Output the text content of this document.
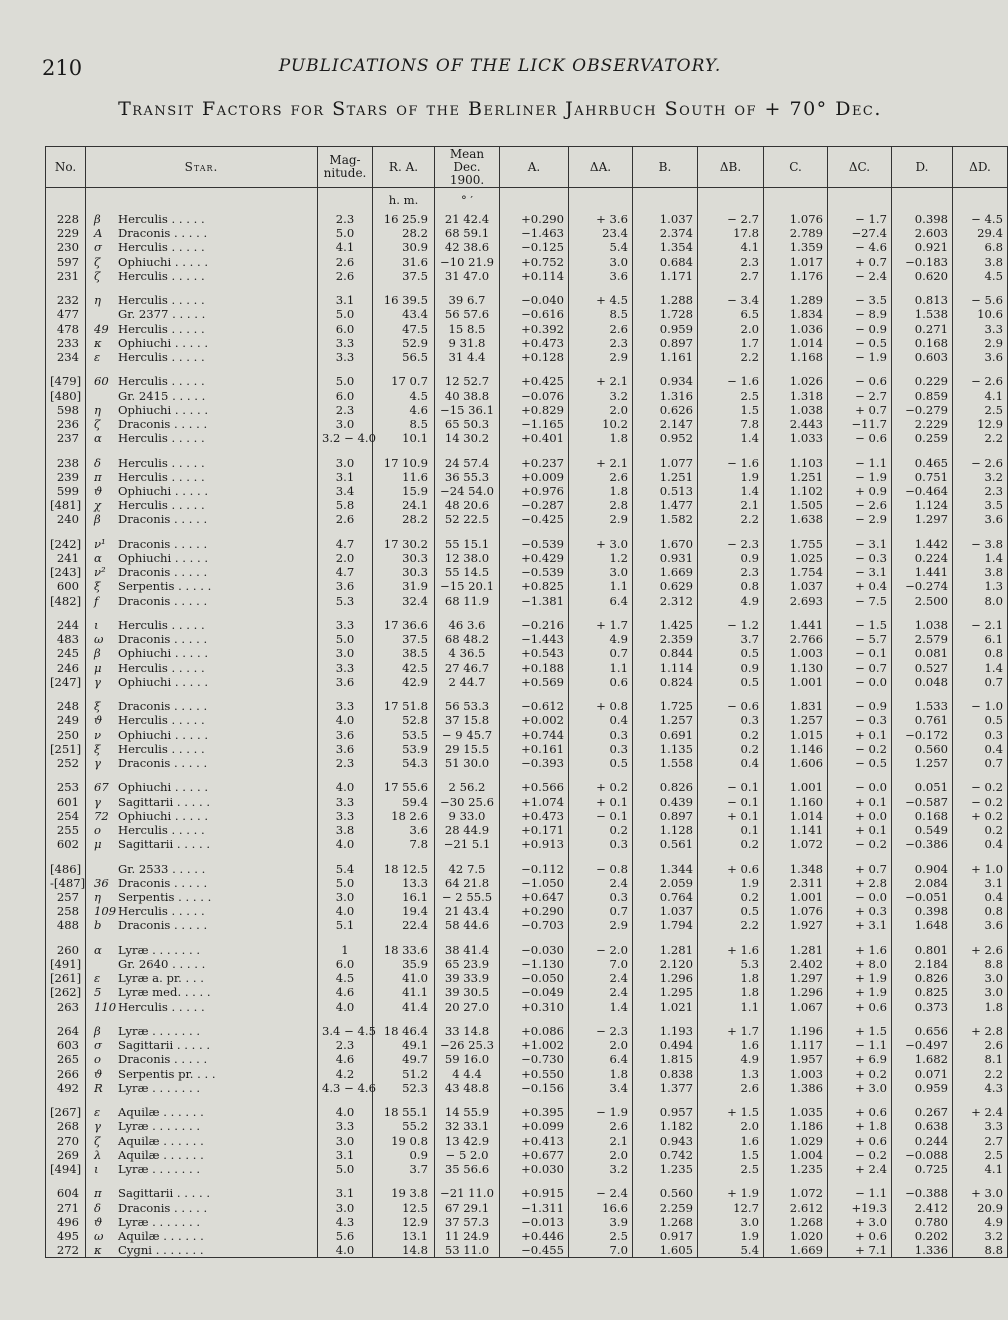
210	PUBLICATIONS OF THE LICK OBSERVATORY.
Transit Factors for Stars of the Berliner Jahrbuch South of + 70° Dec.
No.	Star.	Mag-
nitude.	R. A.	Mean Dec.
1900.	A.	ΔA.	B.	ΔB.	C.	ΔC.	D.	ΔD.
			h. m.	° ′								
228	β Herculis . . . . .	2.3	16 25.9	21 42.4	+0.290	+ 3.6	1.037	− 2.7	1.076	− 1.7	0.398	− 4.5
229	A Draconis . . . . .	5.0	28.2	68 59.1	−1.463	23.4	2.374	17.8	2.789	−27.4	2.603	29.4
230	σ Herculis . . . . .	4.1	30.9	42 38.6	−0.125	5.4	1.354	4.1	1.359	− 4.6	0.921	6.8
597	ζ Ophiuchi . . . . .	2.6	31.6	−10 21.9	+0.752	3.0	0.684	2.3	1.017	+ 0.7	−0.183	3.8
231	ζ Herculis . . . . .	2.6	37.5	31 47.0	+0.114	3.6	1.171	2.7	1.176	− 2.4	0.620	4.5

232	η Herculis . . . . .	3.1	16 39.5	39 6.7	−0.040	+ 4.5	1.288	− 3.4	1.289	− 3.5	0.813	− 5.6
477	Gr. 2377 . . . . .	5.0	43.4	56 57.6	−0.616	8.5	1.728	6.5	1.834	− 8.9	1.538	10.6
478	49 Herculis . . . . .	6.0	47.5	15 8.5	+0.392	2.6	0.959	2.0	1.036	− 0.9	0.271	3.3
233	κ Ophiuchi . . . . .	3.3	52.9	9 31.8	+0.473	2.3	0.897	1.7	1.014	− 0.5	0.168	2.9
234	ε Herculis . . . . .	3.3	56.5	31 4.4	+0.128	2.9	1.161	2.2	1.168	− 1.9	0.603	3.6

[479]	60 Herculis . . . . .	5.0	17 0.7	12 52.7	+0.425	+ 2.1	0.934	− 1.6	1.026	− 0.6	0.229	− 2.6
[480]	Gr. 2415 . . . . .	6.0	4.5	40 38.8	−0.076	3.2	1.316	2.5	1.318	− 2.7	0.859	4.1
598	η Ophiuchi . . . . .	2.3	4.6	−15 36.1	+0.829	2.0	0.626	1.5	1.038	+ 0.7	−0.279	2.5
236	ζ Draconis . . . . .	3.0	8.5	65 50.3	−1.165	10.2	2.147	7.8	2.443	−11.7	2.229	12.9
237	α Herculis . . . . .	3.2 − 4.0	10.1	14 30.2	+0.401	1.8	0.952	1.4	1.033	− 0.6	0.259	2.2

238	δ Herculis . . . . .	3.0	17 10.9	24 57.4	+0.237	+ 2.1	1.077	− 1.6	1.103	− 1.1	0.465	− 2.6
239	π Herculis . . . . .	3.1	11.6	36 55.3	+0.009	2.6	1.251	1.9	1.251	− 1.9	0.751	3.2
599	ϑ Ophiuchi . . . . .	3.4	15.9	−24 54.0	+0.976	1.8	0.513	1.4	1.102	+ 0.9	−0.464	2.3
[481]	χ Herculis . . . . .	5.8	24.1	48 20.6	−0.287	2.8	1.477	2.1	1.505	− 2.6	1.124	3.5
240	β Draconis . . . . .	2.6	28.2	52 22.5	−0.425	2.9	1.582	2.2	1.638	− 2.9	1.297	3.6

[242]	ν¹ Draconis . . . . .	4.7	17 30.2	55 15.1	−0.539	+ 3.0	1.670	− 2.3	1.755	− 3.1	1.442	− 3.8
241	α Ophiuchi . . . . .	2.0	30.3	12 38.0	+0.429	1.2	0.931	0.9	1.025	− 0.3	0.224	1.4
[243]	ν² Draconis . . . . .	4.7	30.3	55 14.5	−0.539	3.0	1.669	2.3	1.754	− 3.1	1.441	3.8
600	ξ Serpentis . . . . .	3.6	31.9	−15 20.1	+0.825	1.1	0.629	0.8	1.037	+ 0.4	−0.274	1.3
[482]	f Draconis . . . . .	5.3	32.4	68 11.9	−1.381	6.4	2.312	4.9	2.693	− 7.5	2.500	8.0

244	ι Herculis . . . . .	3.3	17 36.6	46 3.6	−0.216	+ 1.7	1.425	− 1.2	1.441	− 1.5	1.038	− 2.1
483	ω Draconis . . . . .	5.0	37.5	68 48.2	−1.443	4.9	2.359	3.7	2.766	− 5.7	2.579	6.1
245	β Ophiuchi . . . . .	3.0	38.5	4 36.5	+0.543	0.7	0.844	0.5	1.003	− 0.1	0.081	0.8
246	μ Herculis . . . . .	3.3	42.5	27 46.7	+0.188	1.1	1.114	0.9	1.130	− 0.7	0.527	1.4
[247]	γ Ophiuchi . . . . .	3.6	42.9	2 44.7	+0.569	0.6	0.824	0.5	1.001	− 0.0	0.048	0.7

248	ξ Draconis . . . . .	3.3	17 51.8	56 53.3	−0.612	+ 0.8	1.725	− 0.6	1.831	− 0.9	1.533	− 1.0
249	ϑ Herculis . . . . .	4.0	52.8	37 15.8	+0.002	0.4	1.257	0.3	1.257	− 0.3	0.761	0.5
250	ν Ophiuchi . . . . .	3.6	53.5	− 9 45.7	+0.744	0.3	0.691	0.2	1.015	+ 0.1	−0.172	0.3
[251]	ξ Herculis . . . . .	3.6	53.9	29 15.5	+0.161	0.3	1.135	0.2	1.146	− 0.2	0.560	0.4
252	γ Draconis . . . . .	2.3	54.3	51 30.0	−0.393	0.5	1.558	0.4	1.606	− 0.5	1.257	0.7

253	67 Ophiuchi . . . . .	4.0	17 55.6	2 56.2	+0.566	+ 0.2	0.826	− 0.1	1.001	− 0.0	0.051	− 0.2
601	γ Sagittarii . . . . .	3.3	59.4	−30 25.6	+1.074	+ 0.1	0.439	− 0.1	1.160	+ 0.1	−0.587	− 0.2
254	72 Ophiuchi . . . . .	3.3	18 2.6	9 33.0	+0.473	− 0.1	0.897	+ 0.1	1.014	+ 0.0	0.168	+ 0.2
255	ο Herculis . . . . .	3.8	3.6	28 44.9	+0.171	0.2	1.128	0.1	1.141	+ 0.1	0.549	0.2
602	μ Sagittarii . . . . .	4.0	7.8	−21 5.1	+0.913	0.3	0.561	0.2	1.072	− 0.2	−0.386	0.4

[486]	Gr. 2533 . . . . .	5.4	18 12.5	42 7.5	−0.112	− 0.8	1.344	+ 0.6	1.348	+ 0.7	0.904	+ 1.0
-[487]	36 Draconis . . . . .	5.0	13.3	64 21.8	−1.050	2.4	2.059	1.9	2.311	+ 2.8	2.084	3.1
257	η Serpentis . . . . .	3.0	16.1	− 2 55.5	+0.647	0.3	0.764	0.2	1.001	− 0.0	−0.051	0.4
258	109 Herculis . . . . .	4.0	19.4	21 43.4	+0.290	0.7	1.037	0.5	1.076	+ 0.3	0.398	0.8
488	b Draconis . . . . .	5.1	22.4	58 44.6	−0.703	2.9	1.794	2.2	1.927	+ 3.1	1.648	3.6

260	α Lyræ . . . . . . .	1	18 33.6	38 41.4	−0.030	− 2.0	1.281	+ 1.6	1.281	+ 1.6	0.801	+ 2.6
[491]	Gr. 2640 . . . . .	6.0	35.9	65 23.9	−1.130	7.0	2.120	5.3	2.402	+ 8.0	2.184	8.8
[261]	ε Lyræ a. pr. . . .	4.5	41.0	39 33.9	−0.050	2.4	1.296	1.8	1.297	+ 1.9	0.826	3.0
[262]	5 Lyræ med. . . . .	4.6	41.1	39 30.5	−0.049	2.4	1.295	1.8	1.296	+ 1.9	0.825	3.0
263	110 Herculis . . . . .	4.0	41.4	20 27.0	+0.310	1.4	1.021	1.1	1.067	+ 0.6	0.373	1.8

264	β Lyræ . . . . . . .	3.4 − 4.5	18 46.4	33 14.8	+0.086	− 2.3	1.193	+ 1.7	1.196	+ 1.5	0.656	+ 2.8
603	σ Sagittarii . . . . .	2.3	49.1	−26 25.3	+1.002	2.0	0.494	1.6	1.117	− 1.1	−0.497	2.6
265	ο Draconis . . . . .	4.6	49.7	59 16.0	−0.730	6.4	1.815	4.9	1.957	+ 6.9	1.682	8.1
266	ϑ Serpentis pr. . . .	4.2	51.2	4 4.4	+0.550	1.8	0.838	1.3	1.003	+ 0.2	0.071	2.2
492	R Lyræ . . . . . . .	4.3 − 4.6	52.3	43 48.8	−0.156	3.4	1.377	2.6	1.386	+ 3.0	0.959	4.3

[267]	ε Aquilæ . . . . . .	4.0	18 55.1	14 55.9	+0.395	− 1.9	0.957	+ 1.5	1.035	+ 0.6	0.267	+ 2.4
268	γ Lyræ . . . . . . .	3.3	55.2	32 33.1	+0.099	2.6	1.182	2.0	1.186	+ 1.8	0.638	3.3
270	ζ Aquilæ . . . . . .	3.0	19 0.8	13 42.9	+0.413	2.1	0.943	1.6	1.029	+ 0.6	0.244	2.7
269	λ Aquilæ . . . . . .	3.1	0.9	− 5 2.0	+0.677	2.0	0.742	1.5	1.004	− 0.2	−0.088	2.5
[494]	ι Lyræ . . . . . . .	5.0	3.7	35 56.6	+0.030	3.2	1.235	2.5	1.235	+ 2.4	0.725	4.1

604	π Sagittarii . . . . .	3.1	19 3.8	−21 11.0	+0.915	− 2.4	0.560	+ 1.9	1.072	− 1.1	−0.388	+ 3.0
271	δ Draconis . . . . .	3.0	12.5	67 29.1	−1.311	16.6	2.259	12.7	2.612	+19.3	2.412	20.9
496	ϑ Lyræ . . . . . . .	4.3	12.9	37 57.3	−0.013	3.9	1.268	3.0	1.268	+ 3.0	0.780	4.9
495	ω Aquilæ . . . . . .	5.6	13.1	11 24.9	+0.446	2.5	0.917	1.9	1.020	+ 0.6	0.202	3.2
272	κ Cygni . . . . . . .	4.0	14.8	53 11.0	−0.455	7.0	1.605	5.4	1.669	+ 7.1	1.336	8.8
